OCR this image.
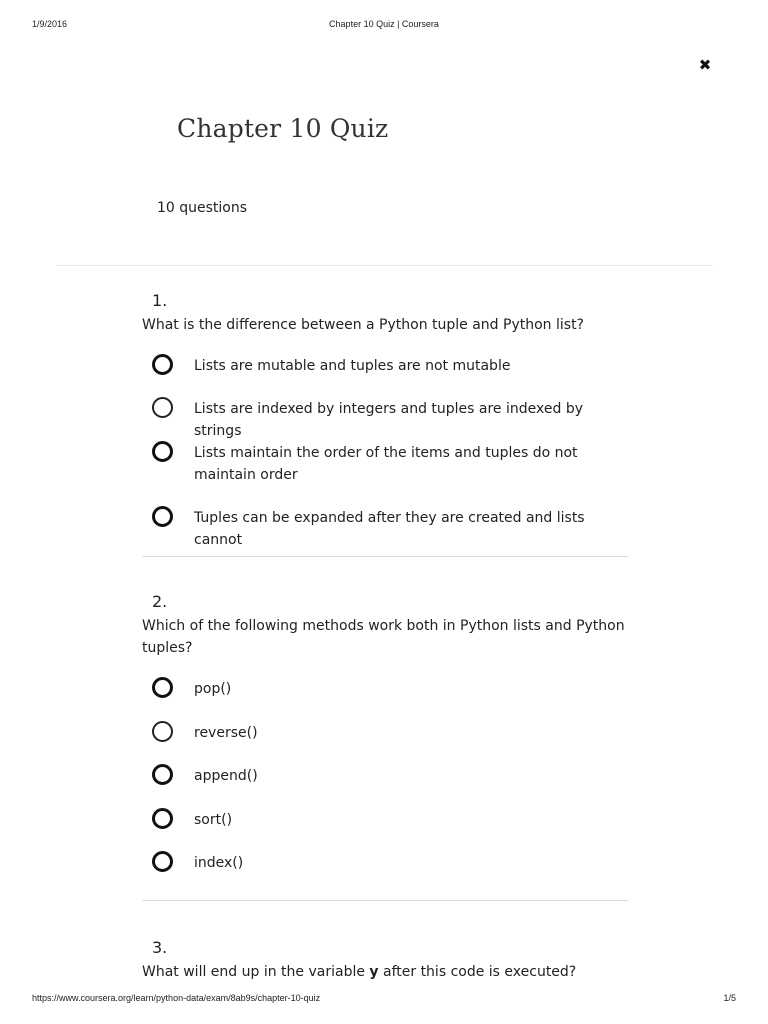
1/9/2016	Chapter 10 Quiz | Coursera
✖
Chapter 10 Quiz
10 questions
1.
What is the difference between a Python tuple and Python list?
Lists are mutable and tuples are not mutable
Lists are indexed by integers and tuples are indexed by strings
Lists maintain the order of the items and tuples do not maintain order
Tuples can be expanded after they are created and lists cannot
2.
Which of the following methods work both in Python lists and Python tuples?
pop()
reverse()
append()
sort()
index()
3.
What will end up in the variable y after this code is executed?
https://www.coursera.org/learn/python-data/exam/8ab9s/chapter-10-quiz	1/5
